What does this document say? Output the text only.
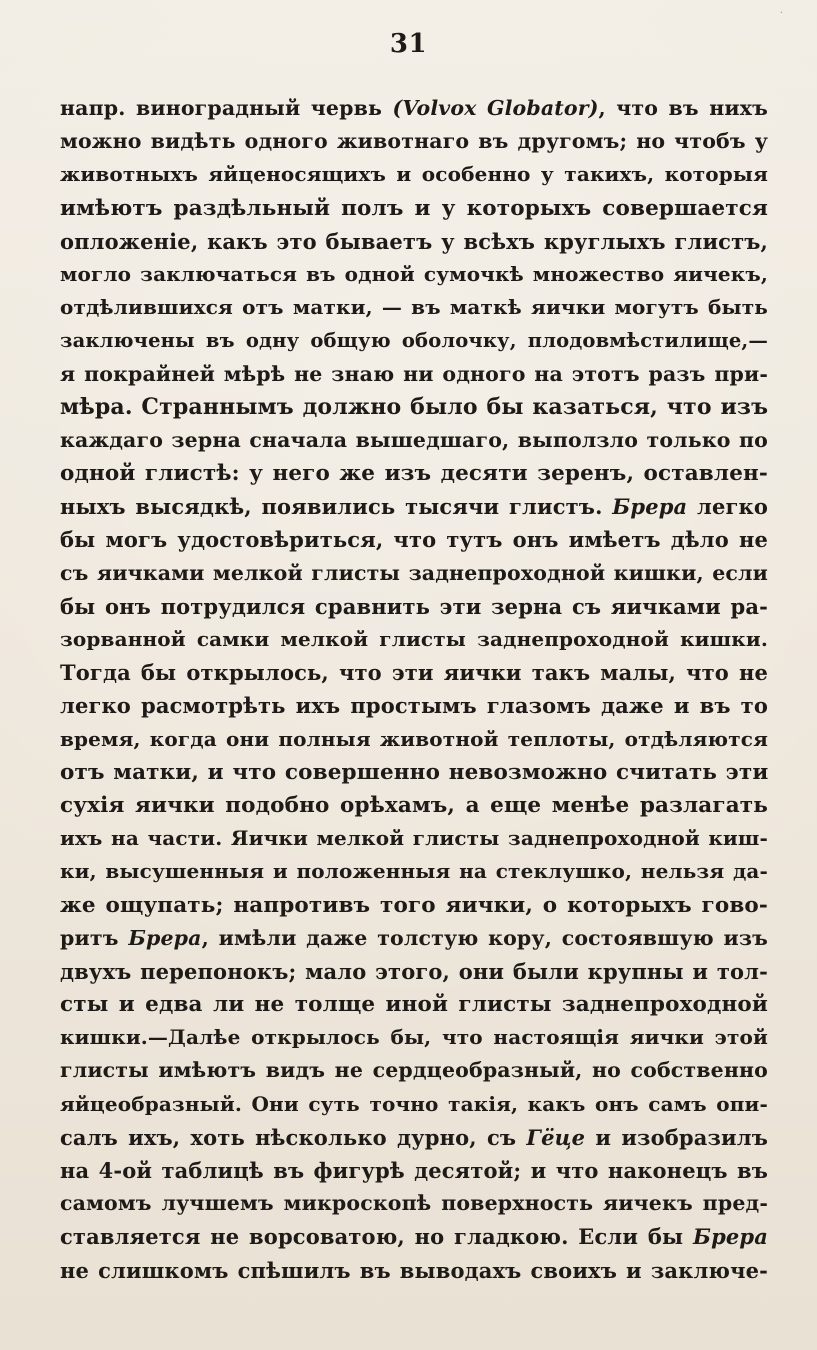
·
31
напр. виноградный червь (Volvox Globator), что въ нихъ
можно видѣть одного животнаго въ другомъ; но чтобъ у
животныхъ яйценосящихъ и особенно у такихъ, которыя
имѣютъ раздѣльный полъ и у которыхъ совершается
опложеніе, какъ это бываетъ у всѣхъ круглыхъ глистъ,
могло заключаться въ одной сумочкѣ множество яичекъ,
отдѣлившихся отъ матки, — въ маткѣ яички могутъ быть
заключены въ одну общую оболочку, плодовмѣстилище,—
я покрайней мѣрѣ не знаю ни одного на этотъ разъ при-
мѣра. Страннымъ должно было бы казаться, что изъ
каждаго зерна сначала вышедшаго, выползло только по
одной глистѣ: у него же изъ десяти зеренъ, оставлен-
ныхъ высядкѣ, появились тысячи глистъ. Брера легко
бы могъ удостовѣриться, что тутъ онъ имѣетъ дѣло не
съ яичками мелкой глисты заднепроходной кишки, если
бы онъ потрудился сравнить эти зерна съ яичками ра-
зорванной самки мелкой глисты заднепроходной кишки.
Тогда бы открылось, что эти яички такъ малы, что не
легко расмотрѣть ихъ простымъ глазомъ даже и въ то
время, когда они полныя животной теплоты, отдѣляются
отъ матки, и что совершенно невозможно считать эти
сухія яички подобно орѣхамъ, а еще менѣе разлагать
ихъ на части. Яички мелкой глисты заднепроходной киш-
ки, высушенныя и положенныя на стеклушко, нельзя да-
же ощупать; напротивъ того яички, о которыхъ гово-
ритъ Брера, имѣли даже толстую кору, состоявшую изъ
двухъ перепонокъ; мало этого, они были крупны и тол-
сты и едва ли не толще иной глисты заднепроходной
кишки.—Далѣе открылось бы, что настоящія яички этой
глисты имѣютъ видъ не сердцеобразный, но собственно
яйцеобразный. Они суть точно такія, какъ онъ самъ опи-
салъ ихъ, хоть нѣсколько дурно, съ Гёце и изобразилъ
на 4-ой таблицѣ въ фигурѣ десятой; и что наконецъ въ
самомъ лучшемъ микроскопѣ поверхность яичекъ пред-
ставляется не ворсоватою, но гладкою. Если бы Брера
не слишкомъ спѣшилъ въ выводахъ своихъ и заключе-
